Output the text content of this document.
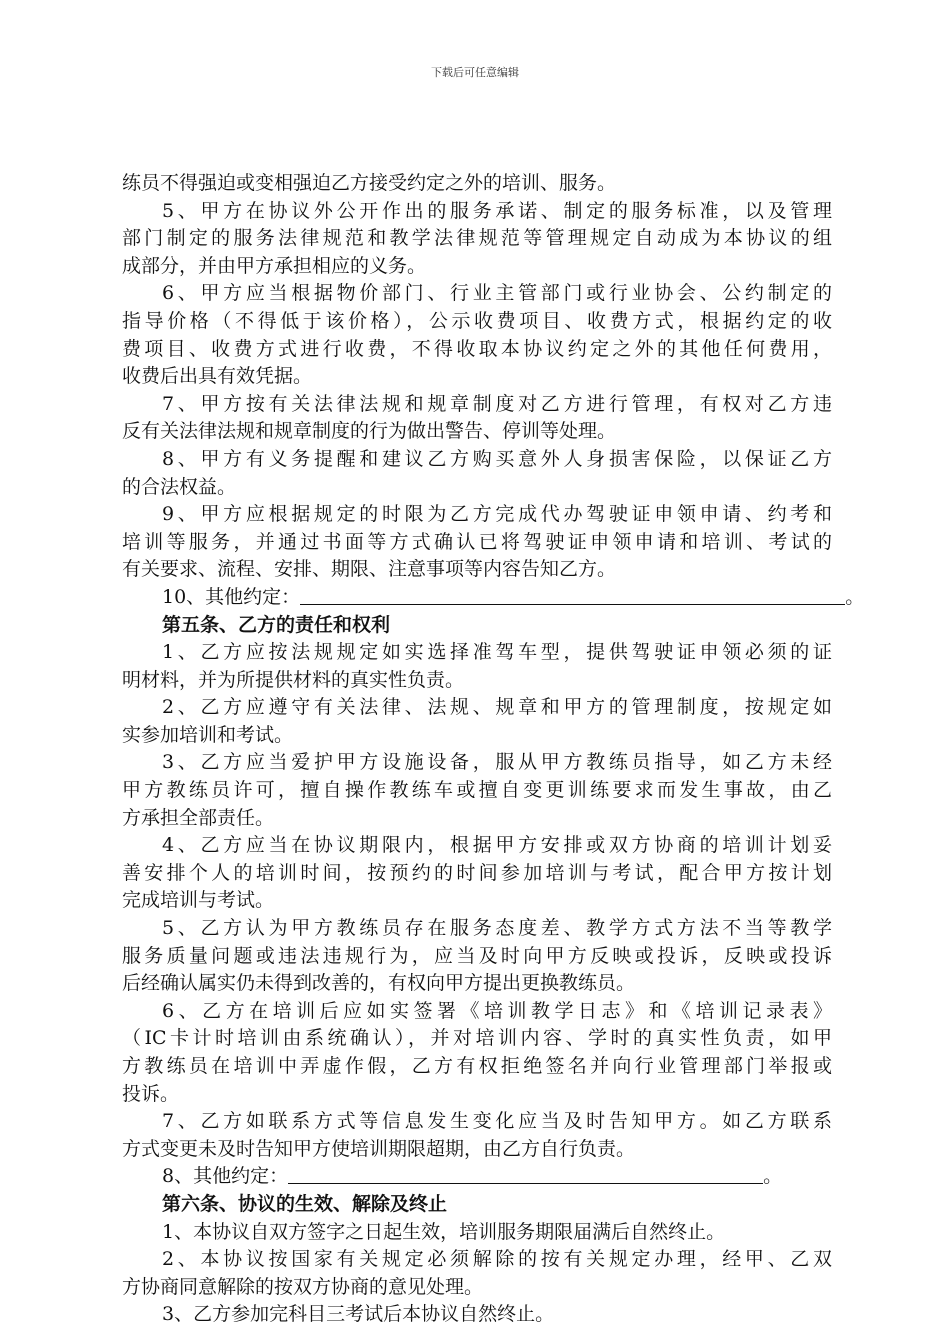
下载后可任意编辑
练员不得强迫或变相强迫乙方接受约定之外的培训、服务。
5、甲方在协议外公开作出的服务承诺、制定的服务标准，以及管理
部门制定的服务法律规范和教学法律规范等管理规定自动成为本协议的组
成部分，并由甲方承担相应的义务。
6、甲方应当根据物价部门、行业主管部门或行业协会、公约制定的
指导价格（不得低于该价格），公示收费项目、收费方式，根据约定的收
费项目、收费方式进行收费，不得收取本协议约定之外的其他任何费用，
收费后出具有效凭据。
7、甲方按有关法律法规和规章制度对乙方进行管理，有权对乙方违
反有关法律法规和规章制度的行为做出警告、停训等处理。
8、甲方有义务提醒和建议乙方购买意外人身损害保险，以保证乙方
的合法权益。
9、甲方应根据规定的时限为乙方完成代办驾驶证申领申请、约考和
培训等服务，并通过书面等方式确认已将驾驶证申领申请和培训、考试的
有关要求、流程、安排、期限、注意事项等内容告知乙方。
10、其他约定：	。
第五条、乙方的责任和权利
1、乙方应按法规规定如实选择准驾车型，提供驾驶证申领必须的证
明材料，并为所提供材料的真实性负责。
2、乙方应遵守有关法律、法规、规章和甲方的管理制度，按规定如
实参加培训和考试。
3、乙方应当爱护甲方设施设备，服从甲方教练员指导，如乙方未经
甲方教练员许可，擅自操作教练车或擅自变更训练要求而发生事故，由乙
方承担全部责任。
4、乙方应当在协议期限内，根据甲方安排或双方协商的培训计划妥
善安排个人的培训时间，按预约的时间参加培训与考试，配合甲方按计划
完成培训与考试。
5、乙方认为甲方教练员存在服务态度差、教学方式方法不当等教学
服务质量问题或违法违规行为，应当及时向甲方反映或投诉，反映或投诉
后经确认属实仍未得到改善的，有权向甲方提出更换教练员。
6、乙方在培训后应如实签署《培训教学日志》和《培训记录表》
（IC卡计时培训由系统确认），并对培训内容、学时的真实性负责，如甲
方教练员在培训中弄虚作假，乙方有权拒绝签名并向行业管理部门举报或
投诉。
7、乙方如联系方式等信息发生变化应当及时告知甲方。如乙方联系
方式变更未及时告知甲方使培训期限超期，由乙方自行负责。
8、其他约定：	。
第六条、协议的生效、解除及终止
1、本协议自双方签字之日起生效，培训服务期限届满后自然终止。
2、本协议按国家有关规定必须解除的按有关规定办理，经甲、乙双
方协商同意解除的按双方协商的意见处理。
3、乙方参加完科目三考试后本协议自然终止。
